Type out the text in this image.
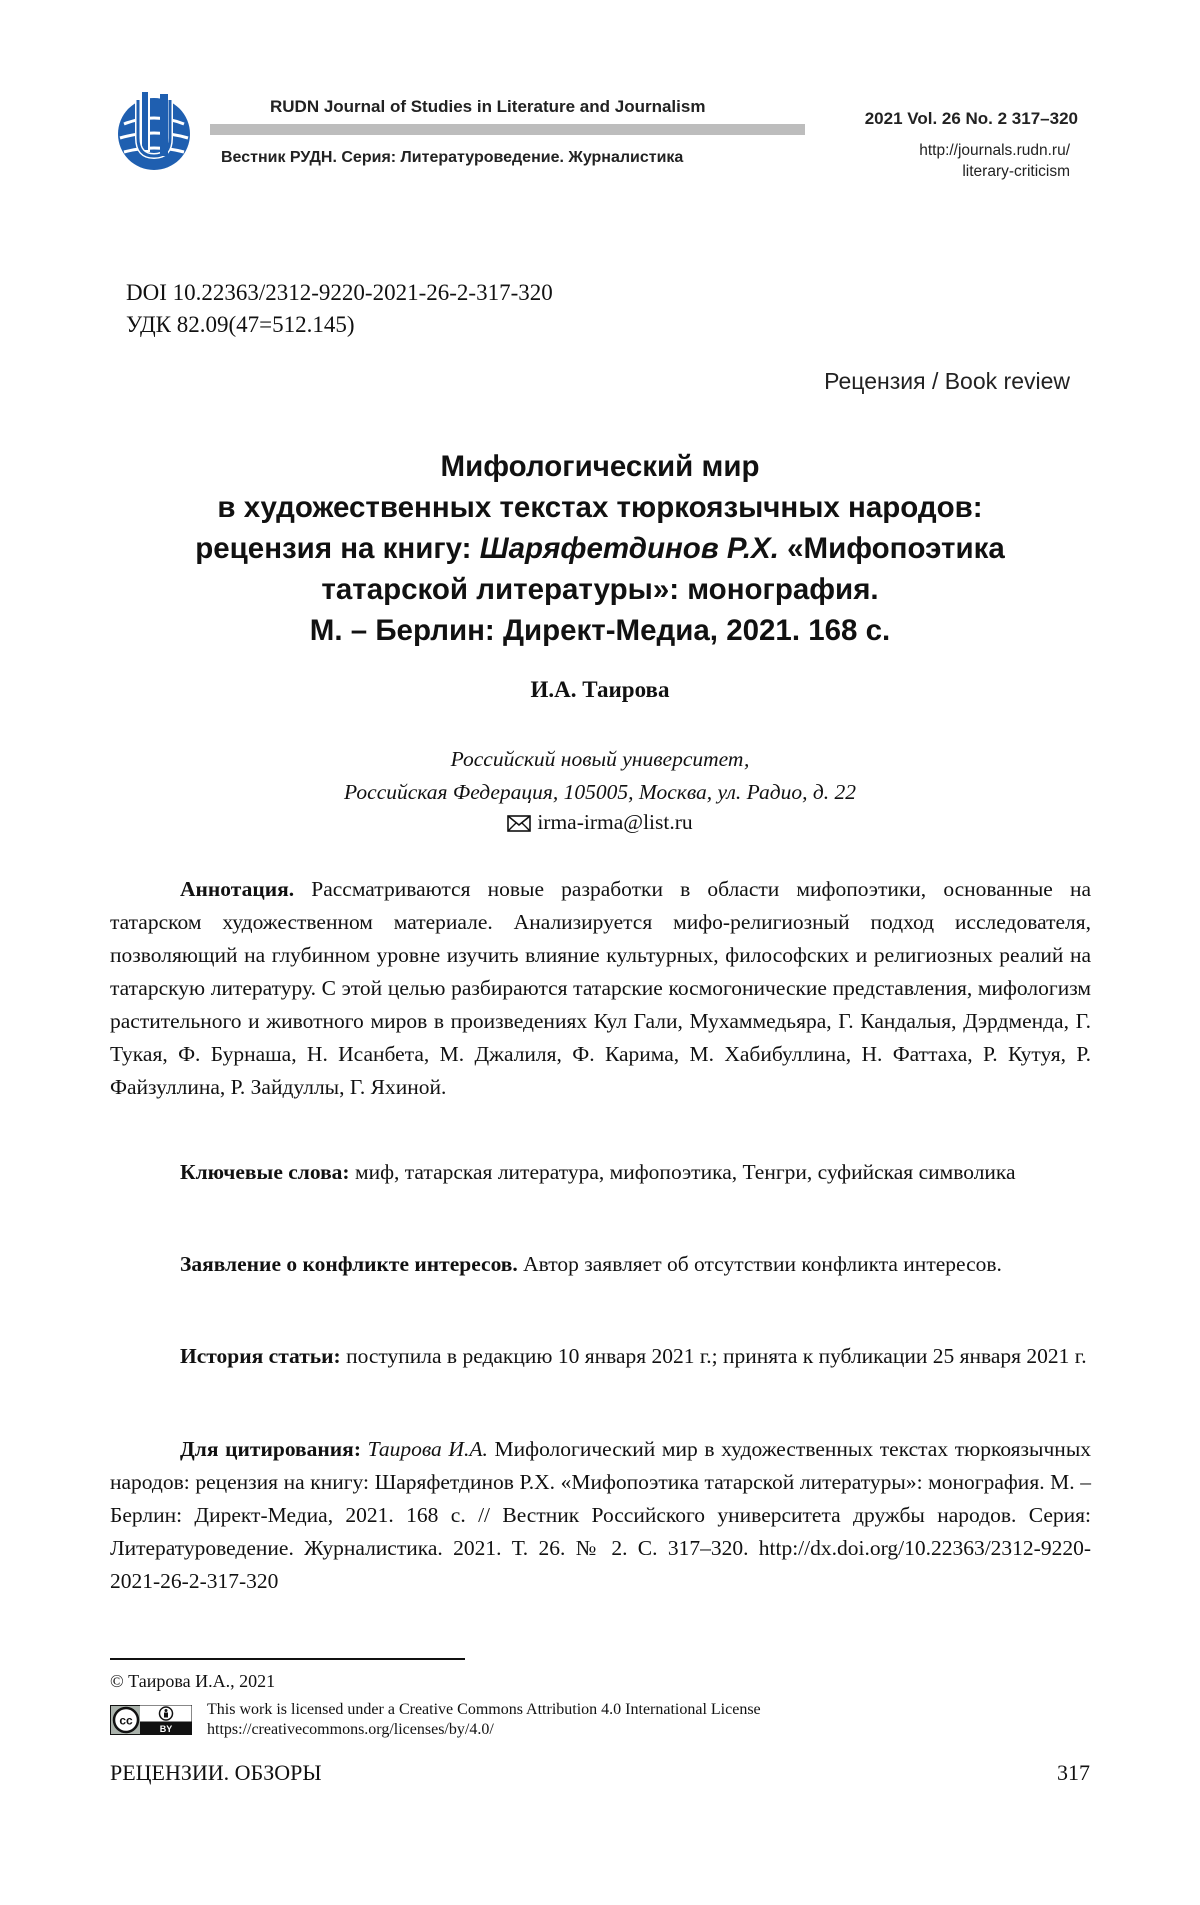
RUDN Journal of Studies in Literature and Journalism
Вестник РУДН. Серия: Литературоведение. Журналистика
2021 Vol. 26 No. 2 317–320
http://journals.rudn.ru/
literary-criticism
DOI 10.22363/2312-9220-2021-26-2-317-320
УДК 82.09(47=512.145)
Рецензия / Book review
Мифологический мир
в художественных текстах тюркоязычных народов:
рецензия на книгу: Шаряфетдинов Р.Х. «Мифопоэтика
татарской литературы»: монография.
М. – Берлин: Директ-Медиа, 2021. 168 с.
И.А. Таирова
Российский новый университет,
Российская Федерация, 105005, Москва, ул. Радио, д. 22
irma-irma@list.ru
Аннотация. Рассматриваются новые разработки в области мифопоэтики, основанные на татарском художественном материале. Анализируется мифо-религиозный подход исследователя, позволяющий на глубинном уровне изучить влияние культурных, философских и религиозных реалий на татарскую литературу. С этой целью разбираются татарские космогонические представления, мифологизм растительного и животного миров в произведениях Кул Гали, Мухаммедьяра, Г. Кандалыя, Дэрдменда, Г. Тукая, Ф. Бурнаша, Н. Исанбета, М. Джалиля, Ф. Карима, М. Хабибуллина, Н. Фаттаха, Р. Кутуя, Р. Файзуллина, Р. Зайдуллы, Г. Яхиной.
Ключевые слова: миф, татарская литература, мифопоэтика, Тенгри, суфийская символика
Заявление о конфликте интересов. Автор заявляет об отсутствии конфликта интересов.
История статьи: поступила в редакцию 10 января 2021 г.; принята к публикации 25 января 2021 г.
Для цитирования: Таирова И.А. Мифологический мир в художественных текстах тюркоязычных народов: рецензия на книгу: Шаряфетдинов Р.Х. «Мифопоэтика татарской литературы»: монография. М. – Берлин: Директ-Медиа, 2021. 168 с. // Вестник Российского университета дружбы народов. Серия: Литературоведение. Журналистика. 2021. Т. 26. № 2. С. 317–320. http://dx.doi.org/10.22363/2312-9220-2021-26-2-317-320
© Таирова И.А., 2021
cc
BY
This work is licensed under a Creative Commons Attribution 4.0 International License
https://creativecommons.org/licenses/by/4.0/
РЕЦЕНЗИИ. ОБЗОРЫ	317
